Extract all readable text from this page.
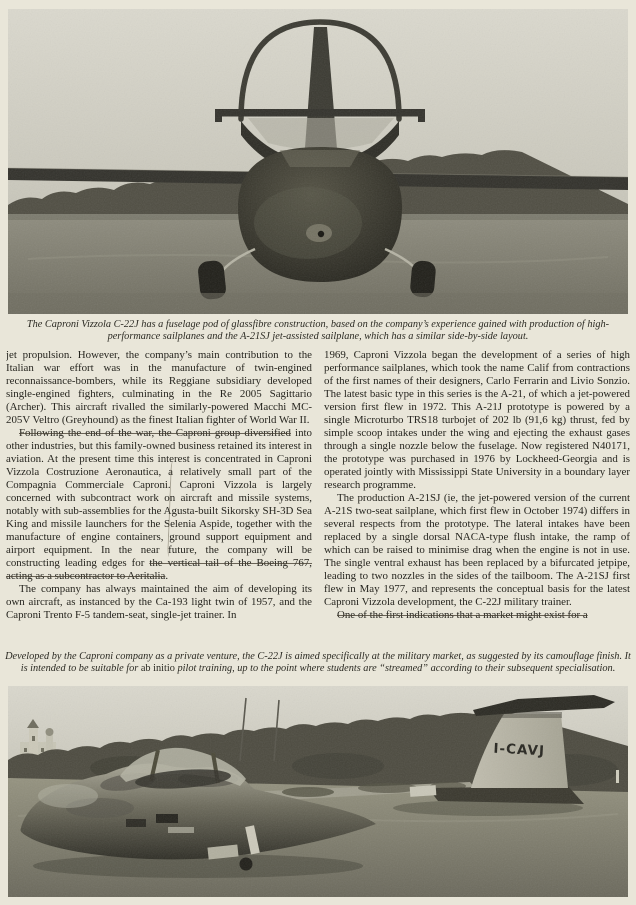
The Caproni Vizzola C-22J has a fuselage pod of glassfibre construction, based on the company’s experience gained with production of high-performance sailplanes and the A-21SJ jet-assisted sailplane, which has a similar side-by-side layout.

jet propulsion. However, the company’s main contribution to the Italian war effort was in the manufacture of twin-engined reconnaissance-bombers, while its Reggiane subsidiary developed single-engined fighters, culminating in the Re 2005 Sagittario (Archer). This aircraft rivalled the similarly-powered Macchi MC-205V Veltro (Greyhound) as the finest Italian fighter of World War II.

Following the end of the war, the Caproni group diversified into other industries, but this family-owned business retained its interest in aviation. At the present time this interest is concentrated in Caproni Vizzola Costruzione Aeronautica, a relatively small part of the Compagnia Commerciale Caproni. Caproni Vizzola is largely concerned with subcontract work on aircraft and missile systems, notably with sub-assemblies for the Agusta-built Sikorsky SH-3D Sea King and missile launchers for the Selenia Aspide, together with the manufacture of engine containers, ground support equipment and airport equipment. In the near future, the company will be constructing leading edges for the vertical tail of the Boeing 767, acting as a subcontractor to Aeritalia.

The company has always maintained the aim of developing its own aircraft, as instanced by the Ca-193 light twin of 1957, and the Caproni Trento F-5 tandem-seat, single-jet trainer. In

1969, Caproni Vizzola began the development of a series of high performance sailplanes, which took the name Calif from contractions of the first names of their designers, Carlo Ferrarin and Livio Sonzio. The latest basic type in this series is the A-21, of which a jet-powered version first flew in 1972. This A-21J prototype is powered by a single Microturbo TRS18 turbojet of 202 lb (91,6 kg) thrust, fed by simple scoop intakes under the wing and ejecting the exhaust gases through a single nozzle below the fuselage. Now registered N40171, the prototype was purchased in 1976 by Lockheed-Georgia and is operated jointly with Mississippi State University in a boundary layer research programme.

The production A-21SJ (ie, the jet-powered version of the current A-21S two-seat sailplane, which first flew in October 1974) differs in several respects from the prototype. The lateral intakes have been replaced by a single dorsal NACA-type flush intake, the ramp of which can be raised to minimise drag when the engine is not in use. The single ventral exhaust has been replaced by a bifurcated jetpipe, leading to two nozzles in the sides of the tailboom. The A-21SJ first flew in May 1977, and represents the conceptual basis for the latest Caproni Vizzola development, the C-22J military trainer.

One of the first indications that a market might exist for a

Developed by the Caproni company as a private venture, the C-22J is aimed specifically at the military market, as suggested by its camouflage finish. It is intended to be suitable for ab initio pilot training, up to the point where students are “streamed” according to their subsequent specialisation.

I-CAVJ
